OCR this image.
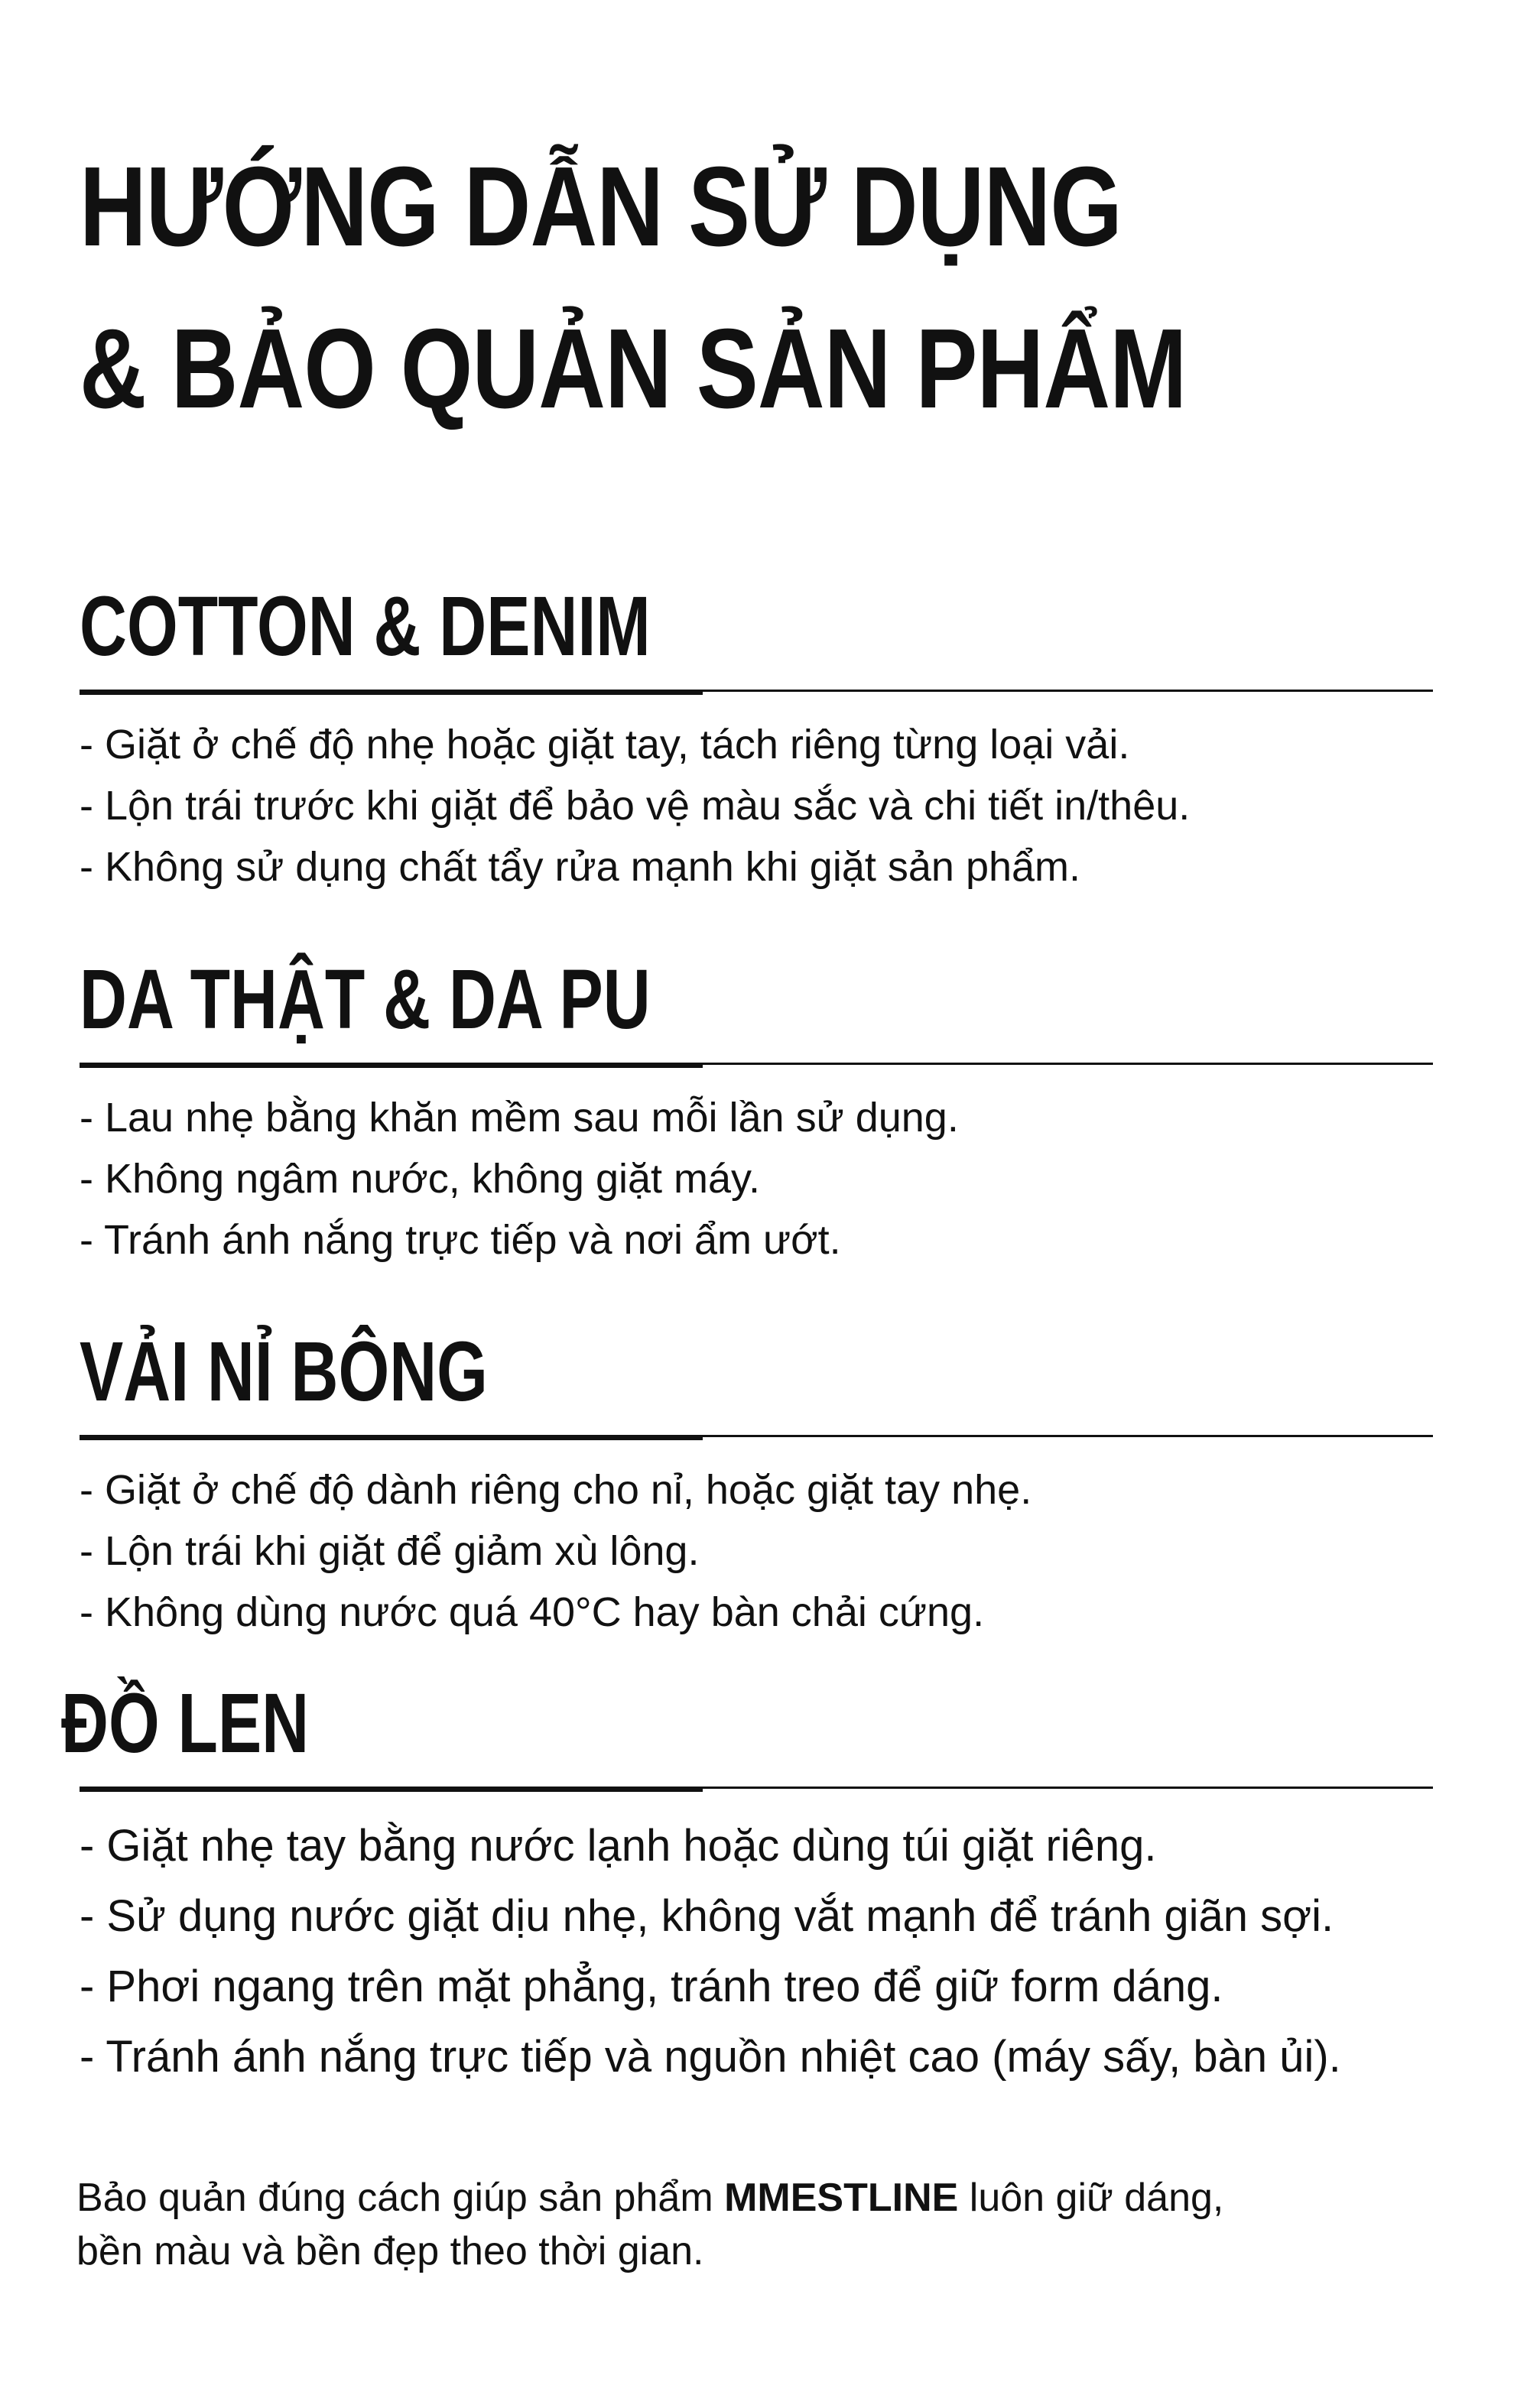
HƯỚNG DẪN SỬ DỤNG
& BẢO QUẢN SẢN PHẨM
COTTON & DENIM
- Giặt ở chế độ nhẹ hoặc giặt tay, tách riêng từng loại vải.
- Lộn trái trước khi giặt để bảo vệ màu sắc và chi tiết in/thêu.
- Không sử dụng chất tẩy rửa mạnh khi giặt sản phẩm.
DA THẬT & DA PU
- Lau nhẹ bằng khăn mềm sau mỗi lần sử dụng.
- Không ngâm nước, không giặt máy.
- Tránh ánh nắng trực tiếp và nơi ẩm ướt.
VẢI NỈ BÔNG
- Giặt ở chế độ dành riêng cho nỉ, hoặc giặt tay nhẹ.
- Lộn trái khi giặt để giảm xù lông.
- Không dùng nước quá 40°C hay bàn chải cứng.
ĐỒ LEN
- Giặt nhẹ tay bằng nước lạnh hoặc dùng túi giặt riêng.
- Sử dụng nước giặt dịu nhẹ, không vắt mạnh để tránh giãn sợi.
- Phơi ngang trên mặt phẳng, tránh treo để giữ form dáng.
- Tránh ánh nắng trực tiếp và nguồn nhiệt cao (máy sấy, bàn ủi).

Bảo quản đúng cách giúp sản phẩm MMESTLINE luôn giữ dáng,
bền màu và bền đẹp theo thời gian.
